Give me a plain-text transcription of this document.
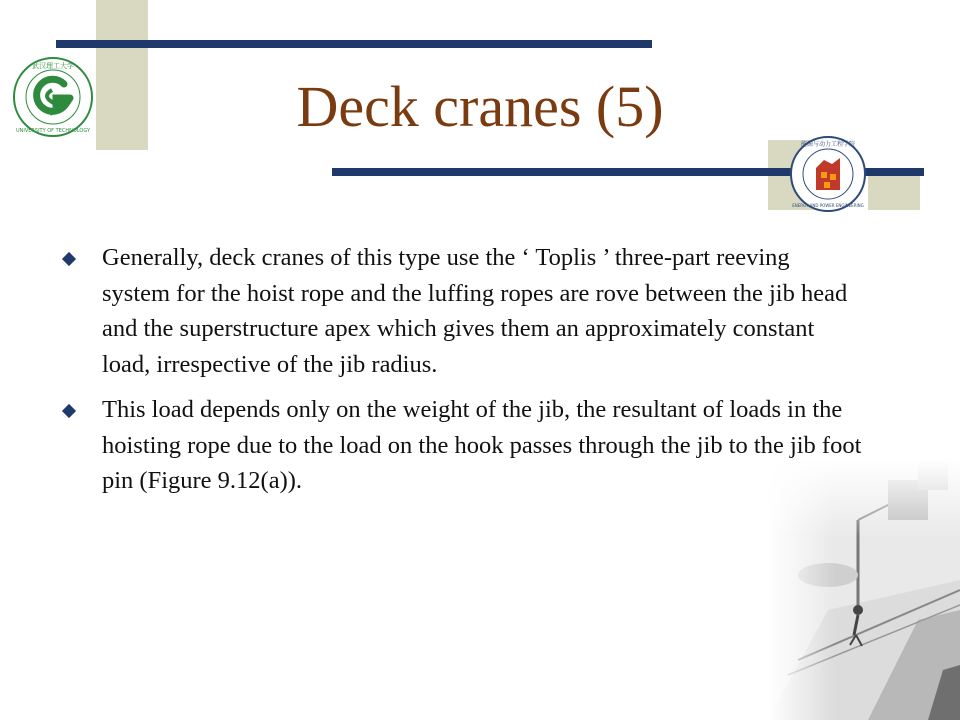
武汉理工大学
UNIVERSITY OF TECHNOLOGY
能源与动力工程学院
ENERGY AND POWER ENGINEERING
Deck cranes (5)
Generally, deck cranes of this type use the ‘ Toplis ’ three-part reeving system for the hoist rope and the luffing ropes are rove between the jib head and the superstructure apex which gives them an approximately constant load, irrespective of the jib radius.
This load depends only on the weight of the jib, the resultant of loads in the hoisting rope due to the load on the hook passes through the jib to the jib foot pin (Figure 9.12(a)).
